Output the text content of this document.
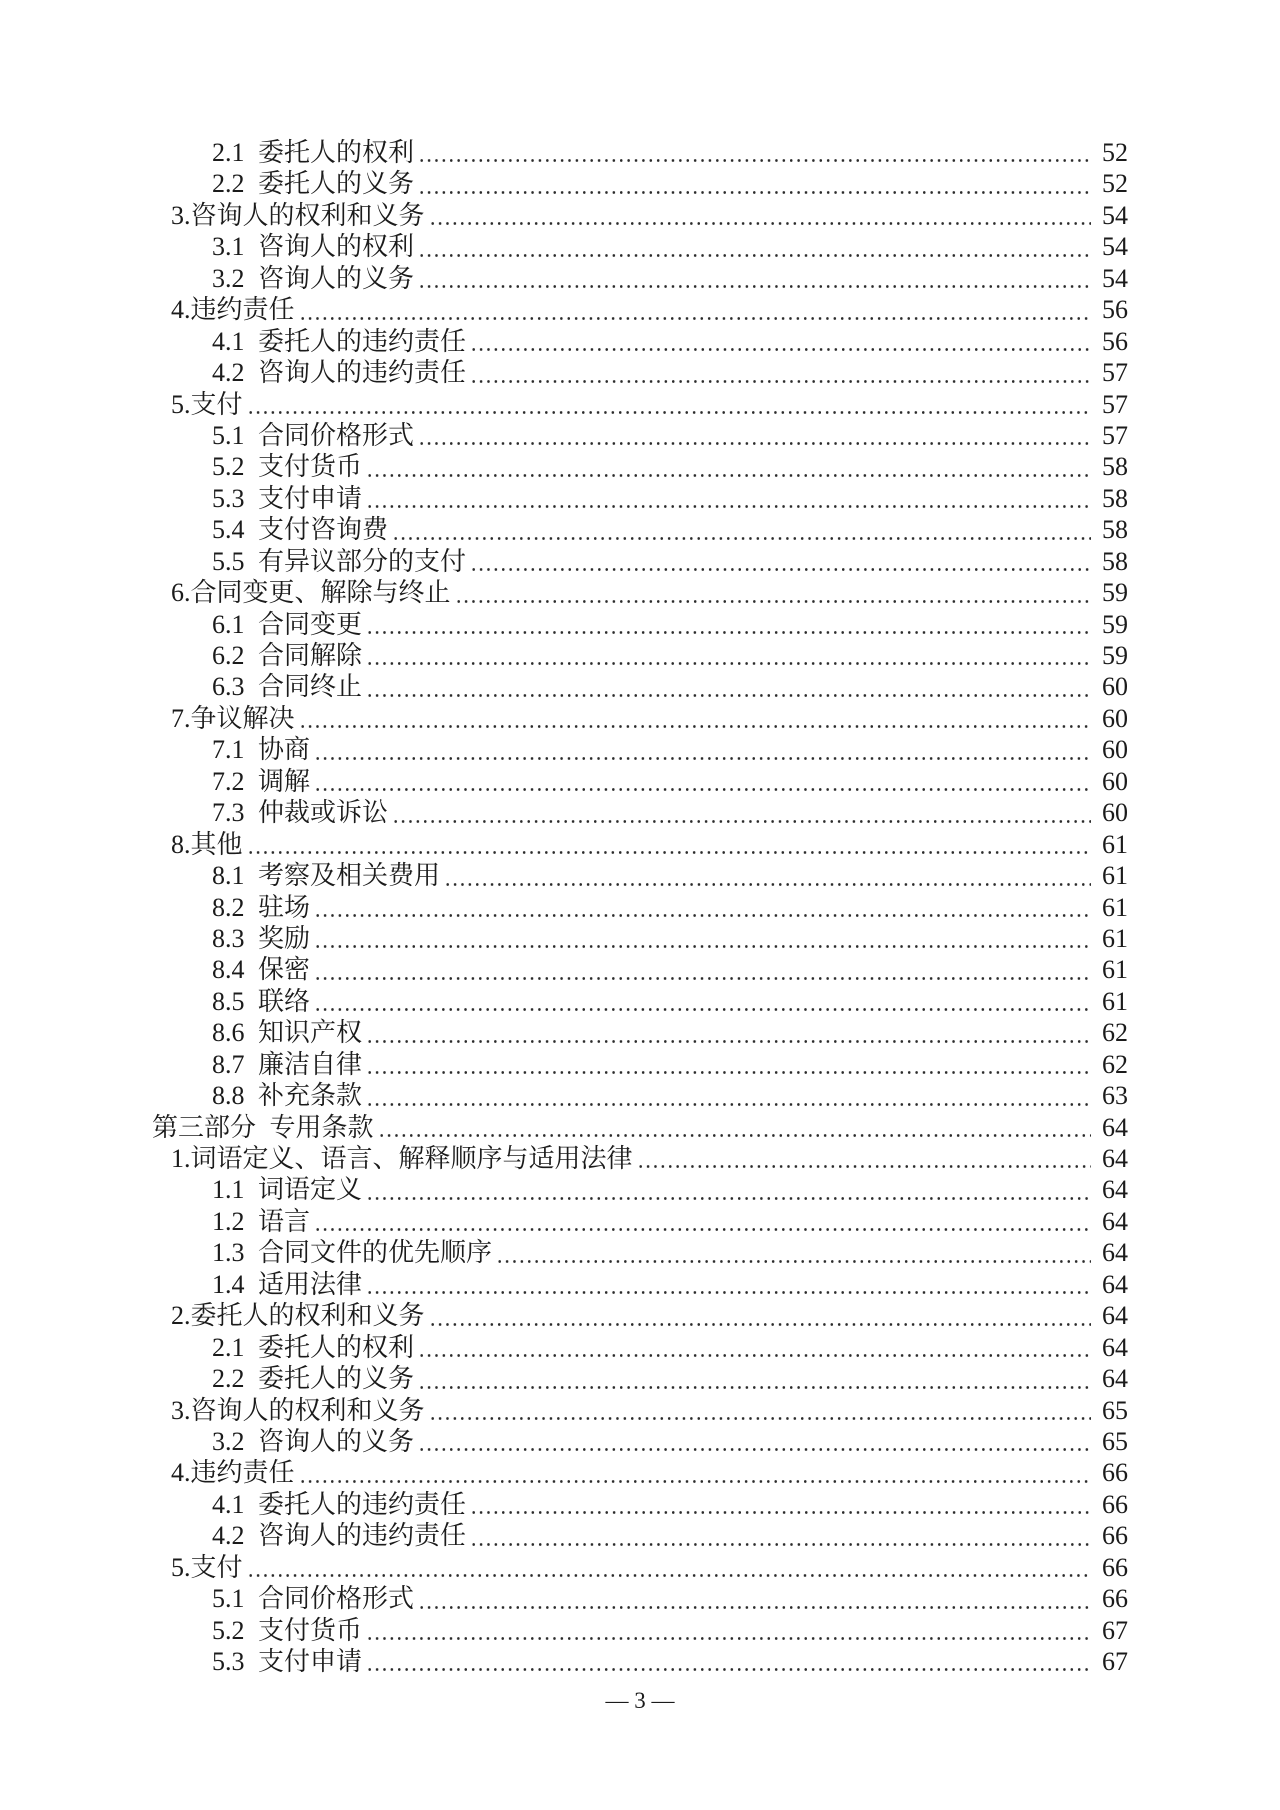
2.1 委托人的权利	52
2.2 委托人的义务	52
3.咨询人的权利和义务	54
3.1 咨询人的权利	54
3.2 咨询人的义务	54
4.违约责任	56
4.1 委托人的违约责任	56
4.2 咨询人的违约责任	57
5.支付	57
5.1 合同价格形式	57
5.2 支付货币	58
5.3 支付申请	58
5.4 支付咨询费	58
5.5 有异议部分的支付	58
6.合同变更、解除与终止	59
6.1 合同变更	59
6.2 合同解除	59
6.3 合同终止	60
7.争议解决	60
7.1 协商	60
7.2 调解	60
7.3 仲裁或诉讼	60
8.其他	61
8.1 考察及相关费用	61
8.2 驻场	61
8.3 奖励	61
8.4 保密	61
8.5 联络	61
8.6 知识产权	62
8.7 廉洁自律	62
8.8 补充条款	63
第三部分 专用条款	64
1.词语定义、语言、解释顺序与适用法律	64
1.1 词语定义	64
1.2 语言	64
1.3 合同文件的优先顺序	64
1.4 适用法律	64
2.委托人的权利和义务	64
2.1 委托人的权利	64
2.2 委托人的义务	64
3.咨询人的权利和义务	65
3.2 咨询人的义务	65
4.违约责任	66
4.1 委托人的违约责任	66
4.2 咨询人的违约责任	66
5.支付	66
5.1 合同价格形式	66
5.2 支付货币	67
5.3 支付申请	67
— 3 —
